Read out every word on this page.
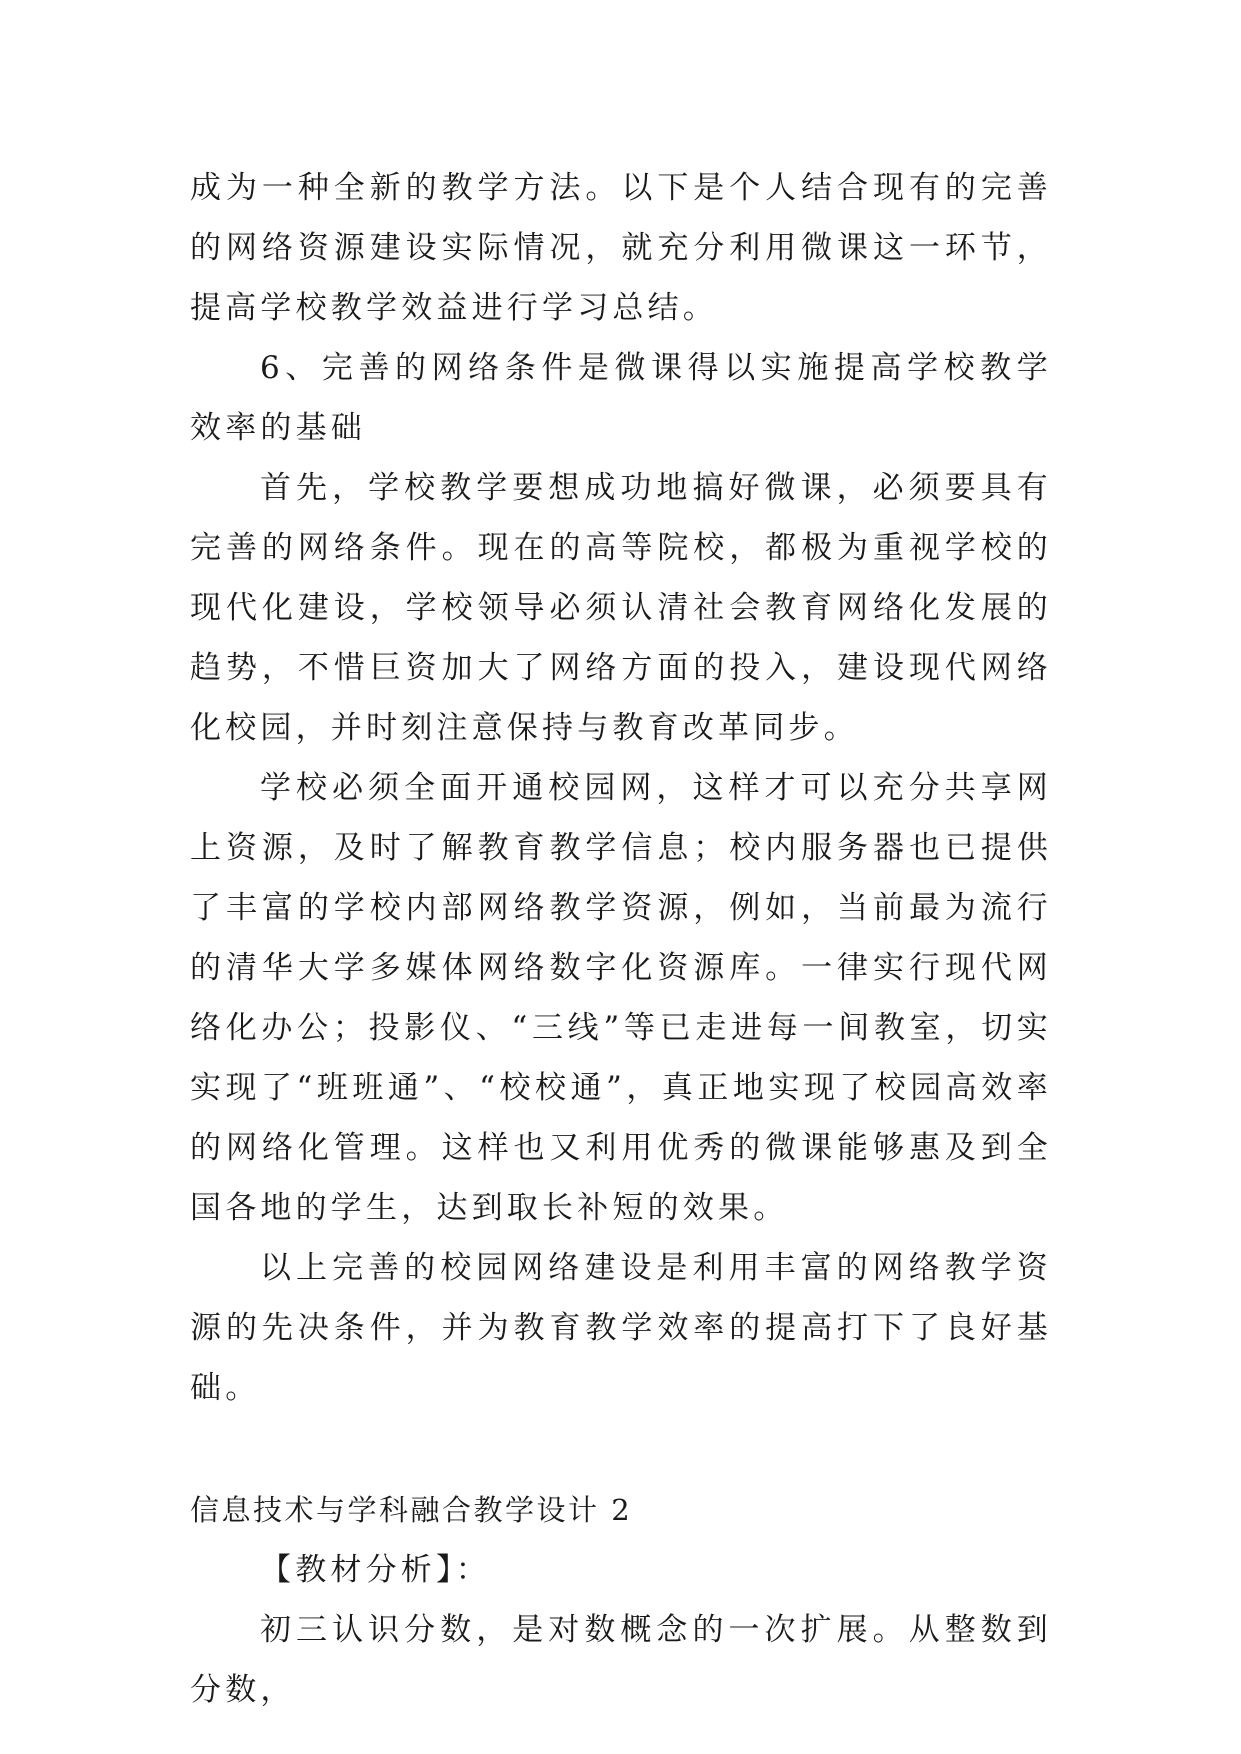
成为一种全新的教学方法。以下是个人结合现有的完善的网络资源建设实际情况，就充分利用微课这一环节，提高学校教学效益进行学习总结。

6、完善的网络条件是微课得以实施提高学校教学效率的基础

首先，学校教学要想成功地搞好微课，必须要具有完善的网络条件。现在的高等院校，都极为重视学校的现代化建设，学校领导必须认清社会教育网络化发展的趋势，不惜巨资加大了网络方面的投入，建设现代网络化校园，并时刻注意保持与教育改革同步。

学校必须全面开通校园网，这样才可以充分共享网上资源，及时了解教育教学信息；校内服务器也已提供了丰富的学校内部网络教学资源，例如，当前最为流行的清华大学多媒体网络数字化资源库。一律实行现代网络化办公；投影仪、“三线”等已走进每一间教室，切实实现了“班班通”、“校校通”，真正地实现了校园高效率的网络化管理。这样也又利用优秀的微课能够惠及到全国各地的学生，达到取长补短的效果。

以上完善的校园网络建设是利用丰富的网络教学资源的先决条件，并为教育教学效率的提高打下了良好基础。

信息技术与学科融合教学设计 2

【教材分析】：

初三认识分数，是对数概念的一次扩展。从整数到分数，
